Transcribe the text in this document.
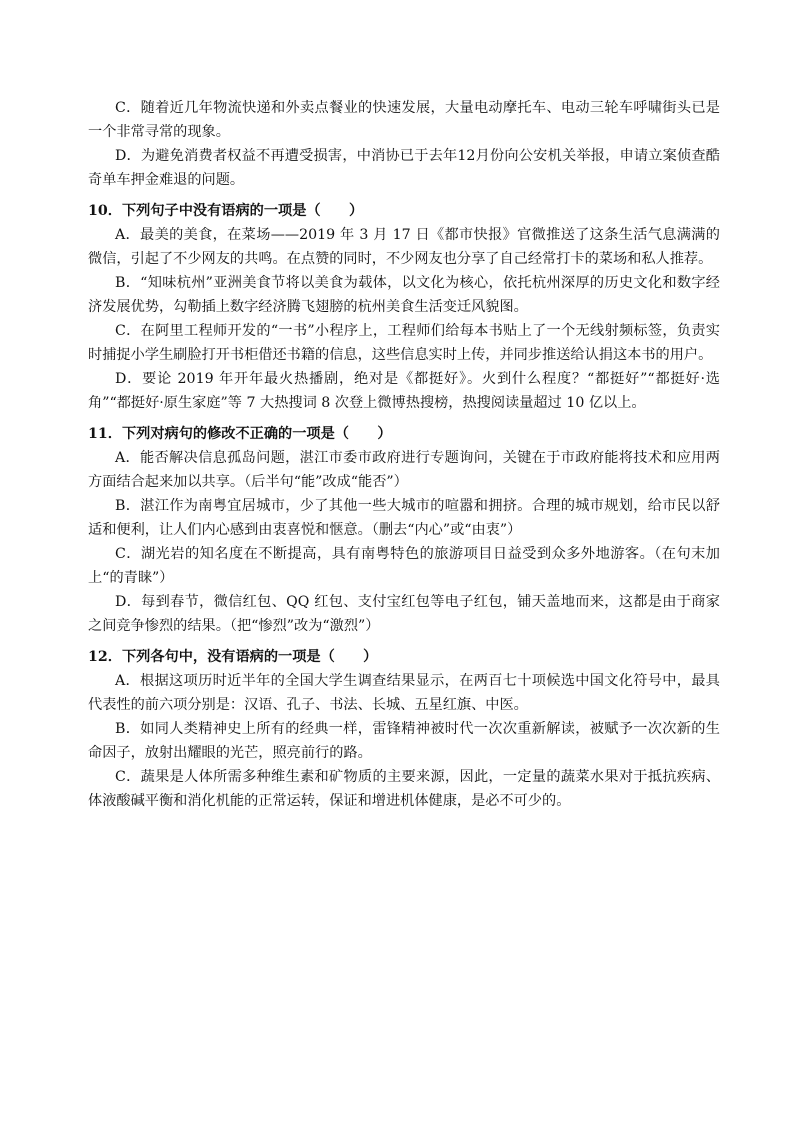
C．随着近几年物流快递和外卖点餐业的快速发展，大量电动摩托车、电动三轮车呼啸街头已是一个非常寻常的现象。

D．为避免消费者权益不再遭受损害，中消协已于去年12月份向公安机关举报，申请立案侦查酷奇单车押金难退的问题。

10．下列句子中没有语病的一项是（　　）

A．最美的美食，在菜场——2019 年 3 月 17 日《都市快报》官微推送了这条生活气息满满的微信，引起了不少网友的共鸣。在点赞的同时，不少网友也分享了自己经常打卡的菜场和私人推荐。

B．“知味杭州”亚洲美食节将以美食为载体，以文化为核心，依托杭州深厚的历史文化和数字经济发展优势，勾勒插上数字经济腾飞翅膀的杭州美食生活变迁风貌图。

C．在阿里工程师开发的“一书”小程序上，工程师们给每本书贴上了一个无线射频标签，负责实时捕捉小学生刷脸打开书柜借还书籍的信息，这些信息实时上传，并同步推送给认捐这本书的用户。

D．要论 2019 年开年最火热播剧，绝对是《都挺好》。火到什么程度？“都挺好”“都挺好·选角”“都挺好·原生家庭”等 7 大热搜词 8 次登上微博热搜榜，热搜阅读量超过 10 亿以上。

11．下列对病句的修改不正确的一项是（　　）

A．能否解决信息孤岛问题，湛江市委市政府进行专题询问，关键在于市政府能将技术和应用两方面结合起来加以共享。（后半句“能”改成“能否”）

B．湛江作为南粤宜居城市，少了其他一些大城市的喧嚣和拥挤。合理的城市规划，给市民以舒适和便利，让人们内心感到由衷喜悦和惬意。（删去“内心”或“由衷”）

C．湖光岩的知名度在不断提高，具有南粤特色的旅游项目日益受到众多外地游客。（在句末加上“的青睐”）

D．每到春节，微信红包、QQ 红包、支付宝红包等电子红包，铺天盖地而来，这都是由于商家之间竞争惨烈的结果。（把“惨烈”改为“激烈”）

12．下列各句中，没有语病的一项是（　　）

A．根据这项历时近半年的全国大学生调查结果显示，在两百七十项候选中国文化符号中，最具代表性的前六项分别是：汉语、孔子、书法、长城、五星红旗、中医。

B．如同人类精神史上所有的经典一样，雷锋精神被时代一次次重新解读，被赋予一次次新的生命因子，放射出耀眼的光芒，照亮前行的路。

C．蔬果是人体所需多种维生素和矿物质的主要来源，因此，一定量的蔬菜水果对于抵抗疾病、体液酸碱平衡和消化机能的正常运转，保证和增进机体健康，是必不可少的。
